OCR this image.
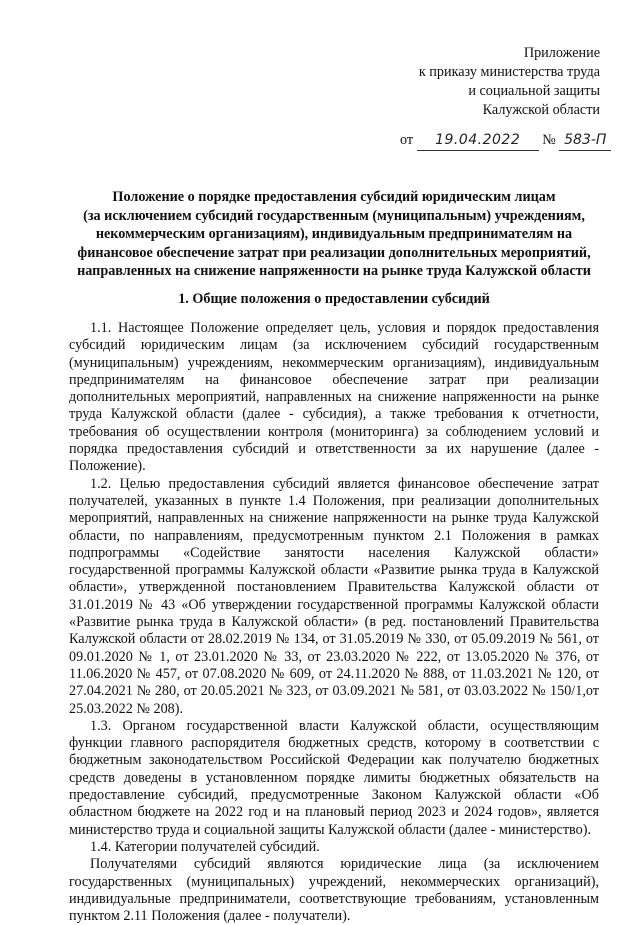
Приложение
к приказу министерства труда
и социальной защиты
Калужской области
от 19.04.2022 № 583-П
Положение о порядке предоставления субсидий юридическим лицам
(за исключением субсидий государственным (муниципальным) учреждениям,
некоммерческим организациям), индивидуальным предпринимателям на
финансовое обеспечение затрат при реализации дополнительных мероприятий,
направленных на снижение напряженности на рынке труда Калужской области
1. Общие положения о предоставлении субсидий

1.1. Настоящее Положение определяет цель, условия и порядок предоставления субсидий юридическим лицам (за исключением субсидий государственным (муниципальным) учреждениям, некоммерческим организациям), индивидуальным предпринимателям на финансовое обеспечение затрат при реализации дополнительных мероприятий, направленных на снижение напряженности на рынке труда Калужской области (далее - субсидия), а также требования к отчетности, требования об осуществлении контроля (мониторинга) за соблюдением условий и порядка предоставления субсидий и ответственности за их нарушение (далее - Положение).

1.2. Целью предоставления субсидий является финансовое обеспечение затрат получателей, указанных в пункте 1.4 Положения, при реализации дополнительных мероприятий, направленных на снижение напряженности на рынке труда Калужской области, по направлениям, предусмотренным пунктом 2.1 Положения в рамках подпрограммы «Содействие занятости населения Калужской области» государственной программы Калужской области «Развитие рынка труда в Калужской области», утвержденной постановлением Правительства Калужской области от 31.01.2019 № 43 «Об утверждении государственной программы Калужской области «Развитие рынка труда в Калужской области» (в ред. постановлений Правительства Калужской области от 28.02.2019 № 134, от 31.05.2019 № 330, от 05.09.2019 № 561, от 09.01.2020 № 1, от 23.01.2020 № 33, от 23.03.2020 № 222, от 13.05.2020 № 376, от 11.06.2020 № 457, от 07.08.2020 № 609, от 24.11.2020 № 888, от 11.03.2021 № 120, от 27.04.2021 № 280, от 20.05.2021 № 323, от 03.09.2021 № 581, от 03.03.2022 № 150/1,от 25.03.2022 № 208).

1.3. Органом государственной власти Калужской области, осуществляющим функции главного распорядителя бюджетных средств, которому в соответствии с бюджетным законодательством Российской Федерации как получателю бюджетных средств доведены в установленном порядке лимиты бюджетных обязательств на предоставление субсидий, предусмотренные Законом Калужской области «Об областном бюджете на 2022 год и на плановый период 2023 и 2024 годов», является министерство труда и социальной защиты Калужской области (далее - министерство).

1.4. Категории получателей субсидий.

Получателями субсидий являются юридические лица (за исключением государственных (муниципальных) учреждений, некоммерческих организаций), индивидуальные предприниматели, соответствующие требованиям, установленным пунктом 2.11 Положения (далее - получатели).
